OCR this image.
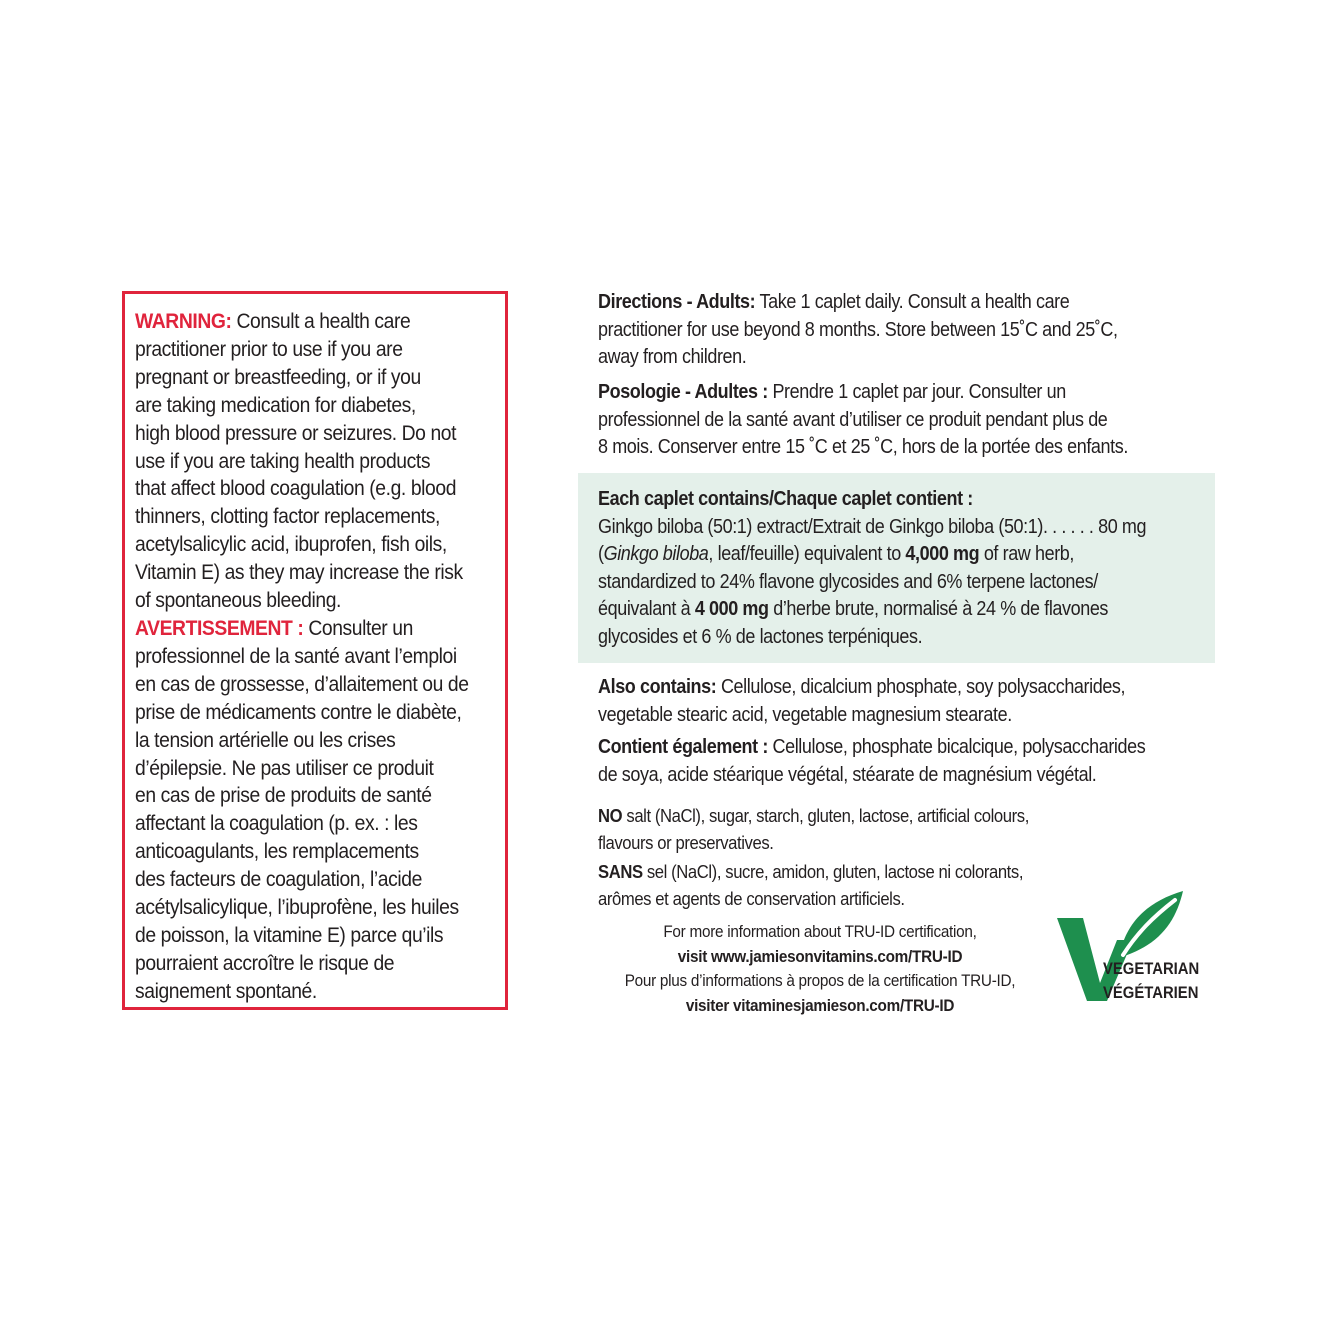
WARNING: Consult a health care
practitioner prior to use if you are
pregnant or breastfeeding, or if you
are taking medication for diabetes,
high blood pressure or seizures. Do not
use if you are taking health products
that affect blood coagulation (e.g. blood
thinners, clotting factor replacements,
acetylsalicylic acid, ibuprofen, fish oils,
Vitamin E) as they may increase the risk
of spontaneous bleeding.
AVERTISSEMENT : Consulter un
professionnel de la santé avant l’emploi
en cas de grossesse, d’allaitement ou de
prise de médicaments contre le diabète,
la tension artérielle ou les crises
d’épilepsie. Ne pas utiliser ce produit
en cas de prise de produits de santé
affectant la coagulation (p. ex. : les
anticoagulants, les remplacements
des facteurs de coagulation, l’acide
acétylsalicylique, l’ibuprofène, les huiles
de poisson, la vitamine E) parce qu’ils
pourraient accroître le risque de
saignement spontané.
Directions - Adults: Take 1 caplet daily. Consult a health care
practitioner for use beyond 8 months. Store between 15˚C and 25˚C,
away from children.
Posologie - Adultes : Prendre 1 caplet par jour. Consulter un
professionnel de la santé avant d’utiliser ce produit pendant plus de
8 mois. Conserver entre 15 ˚C et 25 ˚C, hors de la portée des enfants.
Each caplet contains/Chaque caplet contient :
Ginkgo biloba (50:1) extract/Extrait de Ginkgo biloba (50:1). . . . . . 80 mg
(Ginkgo biloba, leaf/feuille) equivalent to 4,000 mg of raw herb,
standardized to 24% flavone glycosides and 6% terpene lactones/
équivalant à 4 000 mg d’herbe brute, normalisé à 24 % de flavones
glycosides et 6 % de lactones terpéniques.
Also contains: Cellulose, dicalcium phosphate, soy polysaccharides,
vegetable stearic acid, vegetable magnesium stearate.
Contient également : Cellulose, phosphate bicalcique, polysaccharides
de soya, acide stéarique végétal, stéarate de magnésium végétal.
NO salt (NaCl), sugar, starch, gluten, lactose, artificial colours,
flavours or preservatives.
SANS sel (NaCl), sucre, amidon, gluten, lactose ni colorants,
arômes et agents de conservation artificiels.
For more information about TRU-ID certification,
visit www.jamiesonvitamins.com/TRU-ID
Pour plus d’informations à propos de la certification TRU-ID,
visiter vitaminesjamieson.com/TRU-ID
VEGETARIAN
VÉGÉTARIEN
